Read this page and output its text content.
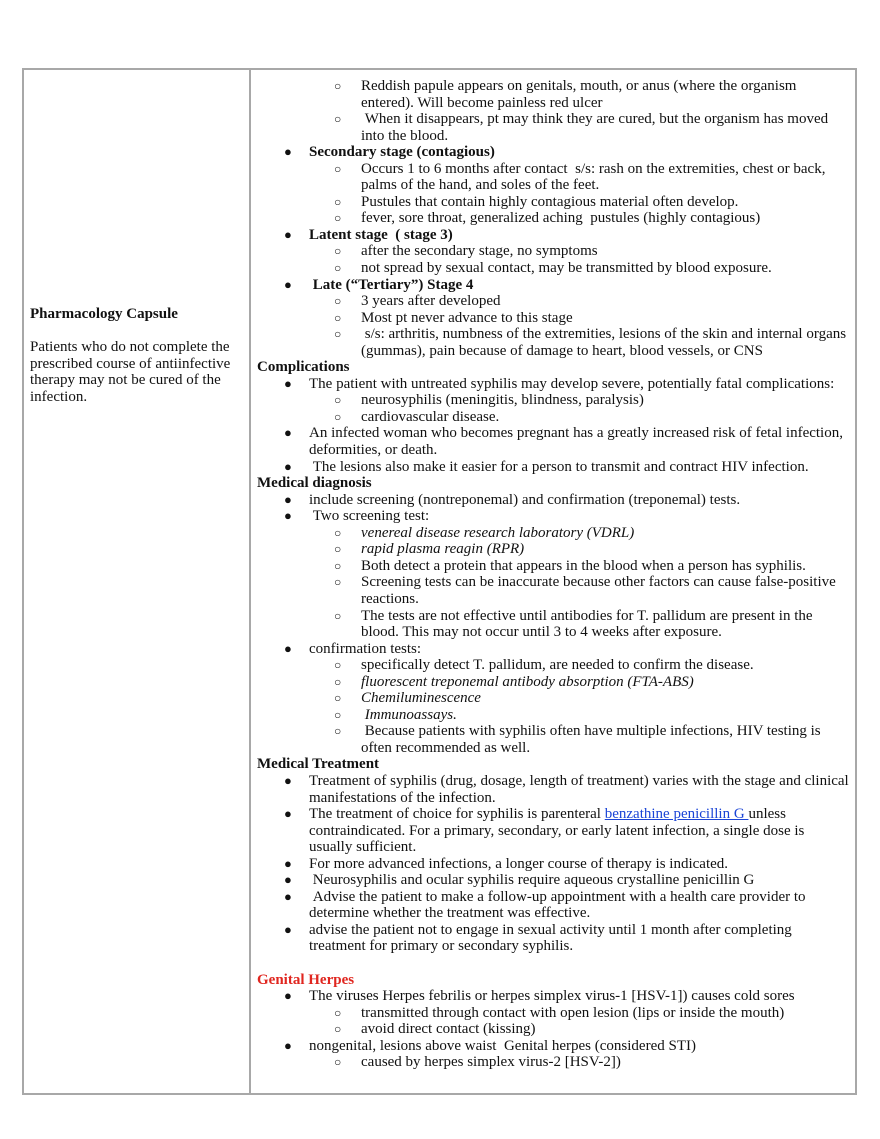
Pharmacology Capsule
Patients who do not complete the prescribed course of antiinfective therapy may not be cured of the infection.
○ Reddish papule appears on genitals, mouth, or anus (where the organism entered). Will become painless red ulcer
○ When it disappears, pt may think they are cured, but the organism has moved into the blood.
● Secondary stage (contagious)
○ Occurs 1 to 6 months after contact  s/s: rash on the extremities, chest or back, palms of the hand, and soles of the feet.
○ Pustules that contain highly contagious material often develop.
○ fever, sore throat, generalized aching  pustules (highly contagious)
● Latent stage  ( stage 3)
○ after the secondary stage, no symptoms
○ not spread by sexual contact, may be transmitted by blood exposure.
● Late (“Tertiary”) Stage 4
○ 3 years after developed
○ Most pt never advance to this stage
○ s/s: arthritis, numbness of the extremities, lesions of the skin and internal organs (gummas), pain because of damage to heart, blood vessels, or CNS
Complications
● The patient with untreated syphilis may develop severe, potentially fatal complications:
○ neurosyphilis (meningitis, blindness, paralysis)
○ cardiovascular disease.
● An infected woman who becomes pregnant has a greatly increased risk of fetal infection, deformities, or death.
● The lesions also make it easier for a person to transmit and contract HIV infection.
Medical diagnosis
● include screening (nontreponemal) and confirmation (treponemal) tests.
● Two screening test:
○ venereal disease research laboratory (VDRL)
○ rapid plasma reagin (RPR)
○ Both detect a protein that appears in the blood when a person has syphilis.
○ Screening tests can be inaccurate because other factors can cause false-positive reactions.
○ The tests are not effective until antibodies for T. pallidum are present in the blood. This may not occur until 3 to 4 weeks after exposure.
● confirmation tests:
○ specifically detect T. pallidum, are needed to confirm the disease.
○ fluorescent treponemal antibody absorption (FTA-ABS)
○ Chemiluminescence
○ Immunoassays.
○ Because patients with syphilis often have multiple infections, HIV testing is often recommended as well.
Medical Treatment
● Treatment of syphilis (drug, dosage, length of treatment) varies with the stage and clinical manifestations of the infection.
● The treatment of choice for syphilis is parenteral benzathine penicillin G unless contraindicated. For a primary, secondary, or early latent infection, a single dose is usually sufficient.
● For more advanced infections, a longer course of therapy is indicated.
● Neurosyphilis and ocular syphilis require aqueous crystalline penicillin G
● Advise the patient to make a follow-up appointment with a health care provider to determine whether the treatment was effective.
● advise the patient not to engage in sexual activity until 1 month after completing treatment for primary or secondary syphilis.
Genital Herpes
● The viruses Herpes febrilis or herpes simplex virus-1 [HSV-1]) causes cold sores
○ transmitted through contact with open lesion (lips or inside the mouth)
○ avoid direct contact (kissing)
● nongenital, lesions above waist  Genital herpes (considered STI)
○ caused by herpes simplex virus-2 [HSV-2])
